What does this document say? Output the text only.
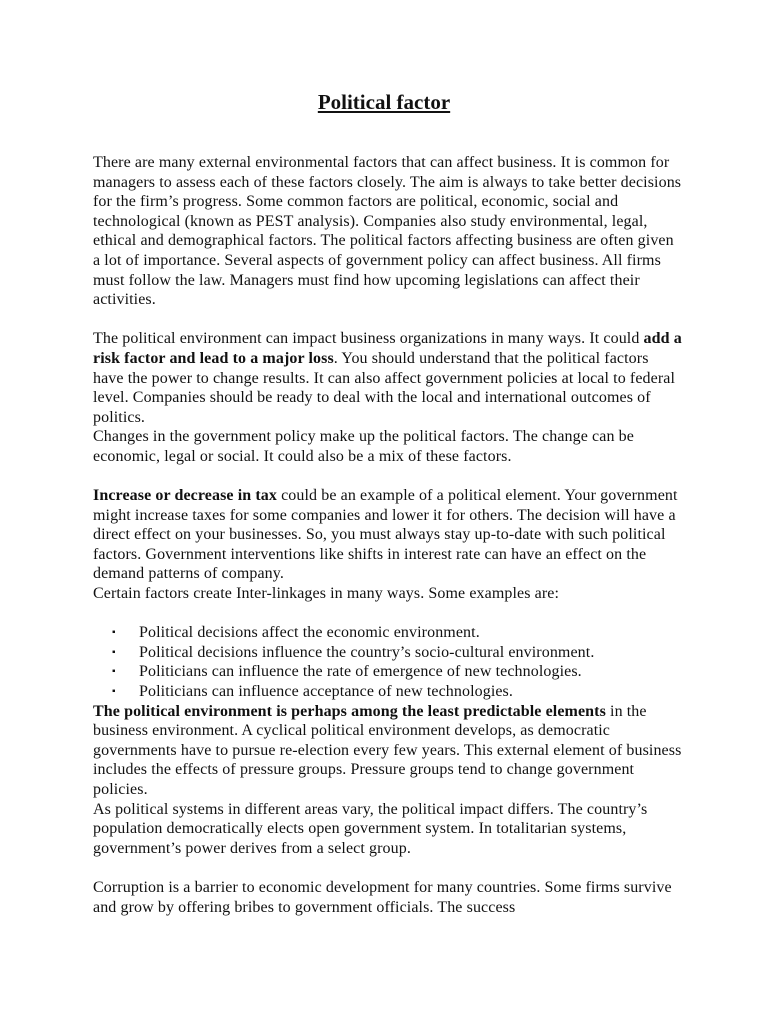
Political factor

There are many external environmental factors that can affect business. It is common for managers to assess each of these factors closely. The aim is always to take better decisions for the firm’s progress. Some common factors are political, economic, social and technological (known as PEST analysis). Companies also study environmental, legal, ethical and demographical factors. The political factors affecting business are often given a lot of importance. Several aspects of government policy can affect business. All firms must follow the law. Managers must find how upcoming legislations can affect their activities.

The political environment can impact business organizations in many ways. It could add a risk factor and lead to a major loss. You should understand that the political factors have the power to change results. It can also affect government policies at local to federal level. Companies should be ready to deal with the local and international outcomes of politics.

Changes in the government policy make up the political factors. The change can be economic, legal or social. It could also be a mix of these factors.

Increase or decrease in tax could be an example of a political element. Your government might increase taxes for some companies and lower it for others. The decision will have a direct effect on your businesses. So, you must always stay up-to-date with such political factors. Government interventions like shifts in interest rate can have an effect on the demand patterns of company.

Certain factors create Inter-linkages in many ways. Some examples are:

▪ Political decisions affect the economic environment.
▪ Political decisions influence the country’s socio-cultural environment.
▪ Politicians can influence the rate of emergence of new technologies.
▪ Politicians can influence acceptance of new technologies.

The political environment is perhaps among the least predictable elements in the business environment. A cyclical political environment develops, as democratic governments have to pursue re-election every few years. This external element of business includes the effects of pressure groups. Pressure groups tend to change government policies.

As political systems in different areas vary, the political impact differs. The country’s population democratically elects open government system. In totalitarian systems, government’s power derives from a select group.

Corruption is a barrier to economic development for many countries. Some firms survive and grow by offering bribes to government officials. The success
